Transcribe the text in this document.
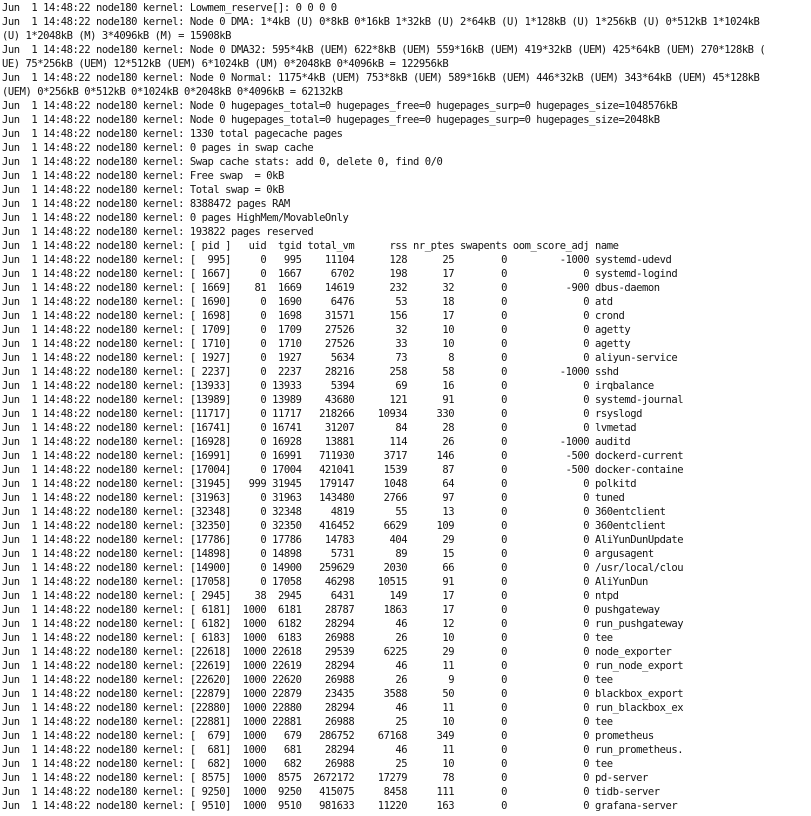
Jun  1 14:48:22 node180 kernel: Lowmem_reserve[]: 0 0 0 0
Jun  1 14:48:22 node180 kernel: Node 0 DMA: 1*4kB (U) 0*8kB 0*16kB 1*32kB (U) 2*64kB (U) 1*128kB (U) 1*256kB (U) 0*512kB 1*1024kB
(U) 1*2048kB (M) 3*4096kB (M) = 15908kB
Jun  1 14:48:22 node180 kernel: Node 0 DMA32: 595*4kB (UEM) 622*8kB (UEM) 559*16kB (UEM) 419*32kB (UEM) 425*64kB (UEM) 270*128kB (
UE) 75*256kB (UEM) 12*512kB (UEM) 6*1024kB (UM) 0*2048kB 0*4096kB = 122956kB
Jun  1 14:48:22 node180 kernel: Node 0 Normal: 1175*4kB (UEM) 753*8kB (UEM) 589*16kB (UEM) 446*32kB (UEM) 343*64kB (UEM) 45*128kB
(UEM) 0*256kB 0*512kB 0*1024kB 0*2048kB 0*4096kB = 62132kB
Jun  1 14:48:22 node180 kernel: Node 0 hugepages_total=0 hugepages_free=0 hugepages_surp=0 hugepages_size=1048576kB
Jun  1 14:48:22 node180 kernel: Node 0 hugepages_total=0 hugepages_free=0 hugepages_surp=0 hugepages_size=2048kB
Jun  1 14:48:22 node180 kernel: 1330 total pagecache pages
Jun  1 14:48:22 node180 kernel: 0 pages in swap cache
Jun  1 14:48:22 node180 kernel: Swap cache stats: add 0, delete 0, find 0/0
Jun  1 14:48:22 node180 kernel: Free swap  = 0kB
Jun  1 14:48:22 node180 kernel: Total swap = 0kB
Jun  1 14:48:22 node180 kernel: 8388472 pages RAM
Jun  1 14:48:22 node180 kernel: 0 pages HighMem/MovableOnly
Jun  1 14:48:22 node180 kernel: 193822 pages reserved
Jun  1 14:48:22 node180 kernel: [ pid ]   uid  tgid total_vm      rss nr_ptes swapents oom_score_adj name
Jun  1 14:48:22 node180 kernel: [  995]     0   995    11104      128      25        0         -1000 systemd-udevd
Jun  1 14:48:22 node180 kernel: [ 1667]     0  1667     6702      198      17        0             0 systemd-logind
Jun  1 14:48:22 node180 kernel: [ 1669]    81  1669    14619      232      32        0          -900 dbus-daemon
Jun  1 14:48:22 node180 kernel: [ 1690]     0  1690     6476       53      18        0             0 atd
Jun  1 14:48:22 node180 kernel: [ 1698]     0  1698    31571      156      17        0             0 crond
Jun  1 14:48:22 node180 kernel: [ 1709]     0  1709    27526       32      10        0             0 agetty
Jun  1 14:48:22 node180 kernel: [ 1710]     0  1710    27526       33      10        0             0 agetty
Jun  1 14:48:22 node180 kernel: [ 1927]     0  1927     5634       73       8        0             0 aliyun-service
Jun  1 14:48:22 node180 kernel: [ 2237]     0  2237    28216      258      58        0         -1000 sshd
Jun  1 14:48:22 node180 kernel: [13933]     0 13933     5394       69      16        0             0 irqbalance
Jun  1 14:48:22 node180 kernel: [13989]     0 13989    43680      121      91        0             0 systemd-journal
Jun  1 14:48:22 node180 kernel: [11717]     0 11717   218266    10934     330        0             0 rsyslogd
Jun  1 14:48:22 node180 kernel: [16741]     0 16741    31207       84      28        0             0 lvmetad
Jun  1 14:48:22 node180 kernel: [16928]     0 16928    13881      114      26        0         -1000 auditd
Jun  1 14:48:22 node180 kernel: [16991]     0 16991   711930     3717     146        0          -500 dockerd-current
Jun  1 14:48:22 node180 kernel: [17004]     0 17004   421041     1539      87        0          -500 docker-containe
Jun  1 14:48:22 node180 kernel: [31945]   999 31945   179147     1048      64        0             0 polkitd
Jun  1 14:48:22 node180 kernel: [31963]     0 31963   143480     2766      97        0             0 tuned
Jun  1 14:48:22 node180 kernel: [32348]     0 32348     4819       55      13        0             0 360entclient
Jun  1 14:48:22 node180 kernel: [32350]     0 32350   416452     6629     109        0             0 360entclient
Jun  1 14:48:22 node180 kernel: [17786]     0 17786    14783      404      29        0             0 AliYunDunUpdate
Jun  1 14:48:22 node180 kernel: [14898]     0 14898     5731       89      15        0             0 argusagent
Jun  1 14:48:22 node180 kernel: [14900]     0 14900   259629     2030      66        0             0 /usr/local/clou
Jun  1 14:48:22 node180 kernel: [17058]     0 17058    46298    10515      91        0             0 AliYunDun
Jun  1 14:48:22 node180 kernel: [ 2945]    38  2945     6431      149      17        0             0 ntpd
Jun  1 14:48:22 node180 kernel: [ 6181]  1000  6181    28787     1863      17        0             0 pushgateway
Jun  1 14:48:22 node180 kernel: [ 6182]  1000  6182    28294       46      12        0             0 run_pushgateway
Jun  1 14:48:22 node180 kernel: [ 6183]  1000  6183    26988       26      10        0             0 tee
Jun  1 14:48:22 node180 kernel: [22618]  1000 22618    29539     6225      29        0             0 node_exporter
Jun  1 14:48:22 node180 kernel: [22619]  1000 22619    28294       46      11        0             0 run_node_export
Jun  1 14:48:22 node180 kernel: [22620]  1000 22620    26988       26       9        0             0 tee
Jun  1 14:48:22 node180 kernel: [22879]  1000 22879    23435     3588      50        0             0 blackbox_export
Jun  1 14:48:22 node180 kernel: [22880]  1000 22880    28294       46      11        0             0 run_blackbox_ex
Jun  1 14:48:22 node180 kernel: [22881]  1000 22881    26988       25      10        0             0 tee
Jun  1 14:48:22 node180 kernel: [  679]  1000   679   286752    67168     349        0             0 prometheus
Jun  1 14:48:22 node180 kernel: [  681]  1000   681    28294       46      11        0             0 run_prometheus.
Jun  1 14:48:22 node180 kernel: [  682]  1000   682    26988       25      10        0             0 tee
Jun  1 14:48:22 node180 kernel: [ 8575]  1000  8575  2672172    17279      78        0             0 pd-server
Jun  1 14:48:22 node180 kernel: [ 9250]  1000  9250   415075     8458     111        0             0 tidb-server
Jun  1 14:48:22 node180 kernel: [ 9510]  1000  9510   981633    11220     163        0             0 grafana-server
